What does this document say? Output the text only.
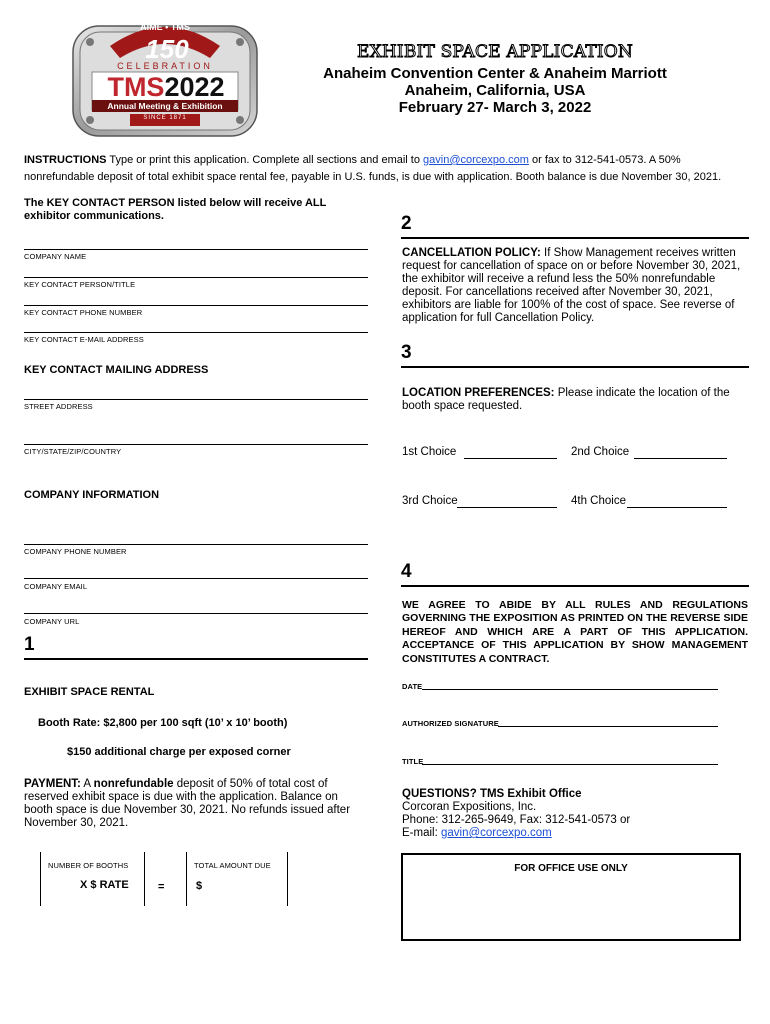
AIME • TMS
150
CELEBRATION
TMS2022
Annual Meeting & Exhibition
SINCE 1871
EXHIBIT SPACE APPLICATION
Anaheim Convention Center & Anaheim Marriott
Anaheim, California, USA
February 27- March 3, 2022
INSTRUCTIONS Type or print this application. Complete all sections and email to gavin@corcexpo.com or fax to 312-541-0573. A 50%
nonrefundable deposit of total exhibit space rental fee, payable in U.S. funds, is due with application. Booth balance is due November 30, 2021.
The KEY CONTACT PERSON listed below will receive ALL exhibitor communications.
COMPANY NAME
KEY CONTACT PERSON/TITLE
KEY CONTACT PHONE NUMBER
KEY CONTACT E-MAIL ADDRESS
KEY CONTACT MAILING ADDRESS
STREET ADDRESS
CITY/STATE/ZIP/COUNTRY
COMPANY INFORMATION
COMPANY PHONE NUMBER
COMPANY EMAIL
COMPANY URL
1
EXHIBIT SPACE RENTAL
Booth Rate: $2,800 per 100 sqft (10’ x 10’ booth)
$150 additional charge per exposed corner
PAYMENT: A nonrefundable deposit of 50% of total cost of reserved exhibit space is due with the application. Balance on booth space is due November 30, 2021. No refunds issued after November 30, 2021.
NUMBER OF BOOTHS
X $ RATE	=
TOTAL AMOUNT DUE
$
2
CANCELLATION POLICY: If Show Management receives written request for cancellation of space on or before November 30, 2021, the exhibitor will receive a refund less the 50% nonrefundable deposit. For cancellations received after November 30, 2021, exhibitors are liable for 100% of the cost of space. See reverse of application for full Cancellation Policy.
3
LOCATION PREFERENCES: Please indicate the location of the booth space requested.
1st Choice	2nd Choice
3rd Choice	4th Choice
4
WE AGREE TO ABIDE BY ALL RULES AND REGULATIONS GOVERNING THE EXPOSITION AS PRINTED ON THE REVERSE SIDE HEREOF AND WHICH ARE A PART OF THIS APPLICATION. ACCEPTANCE OF THIS APPLICATION BY SHOW MANAGEMENT CONSTITUTES A CONTRACT.
DATE
AUTHORIZED SIGNATURE
TITLE
QUESTIONS? TMS Exhibit Office
Corcoran Expositions, Inc.
Phone: 312-265-9649, Fax: 312-541-0573 or
E-mail: gavin@corcexpo.com
FOR OFFICE USE ONLY
